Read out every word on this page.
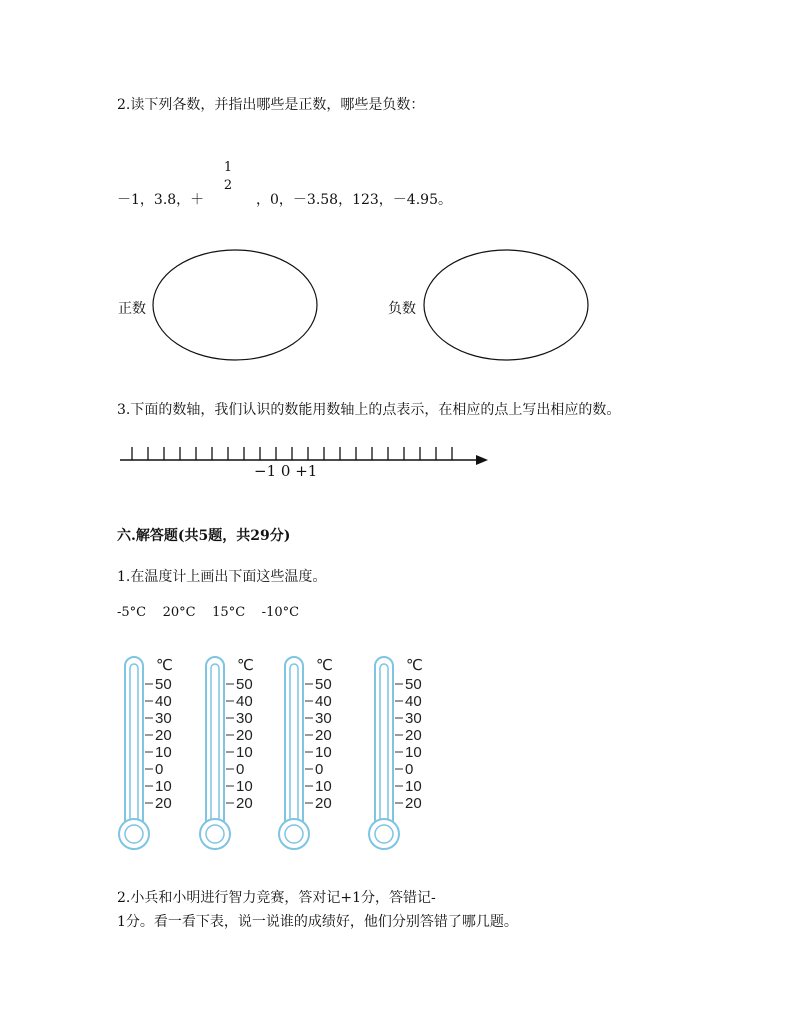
2.读下列各数，并指出哪些是正数，哪些是负数：
－1，3.8，＋
1
2
，0，－3.58，123，－4.95。
正数	负数
℃
50
40
30
20
10
0
10
20
℃
50
40
30
20
10
0
10
20
℃
50
40
30
20
10
0
10
20
℃
50
40
30
20
10
0
10
20
3.下面的数轴，我们认识的数能用数轴上的点表示，在相应的点上写出相应的数。
−1 0 +1
六.解答题(共5题，共29分)
1.在温度计上画出下面这些温度。
-5°C    20°C    15°C    -10°C
2.小兵和小明进行智力竞赛，答对记+1分，答错记-
1分。看一看下表，说一说谁的成绩好，他们分别答错了哪几题。
